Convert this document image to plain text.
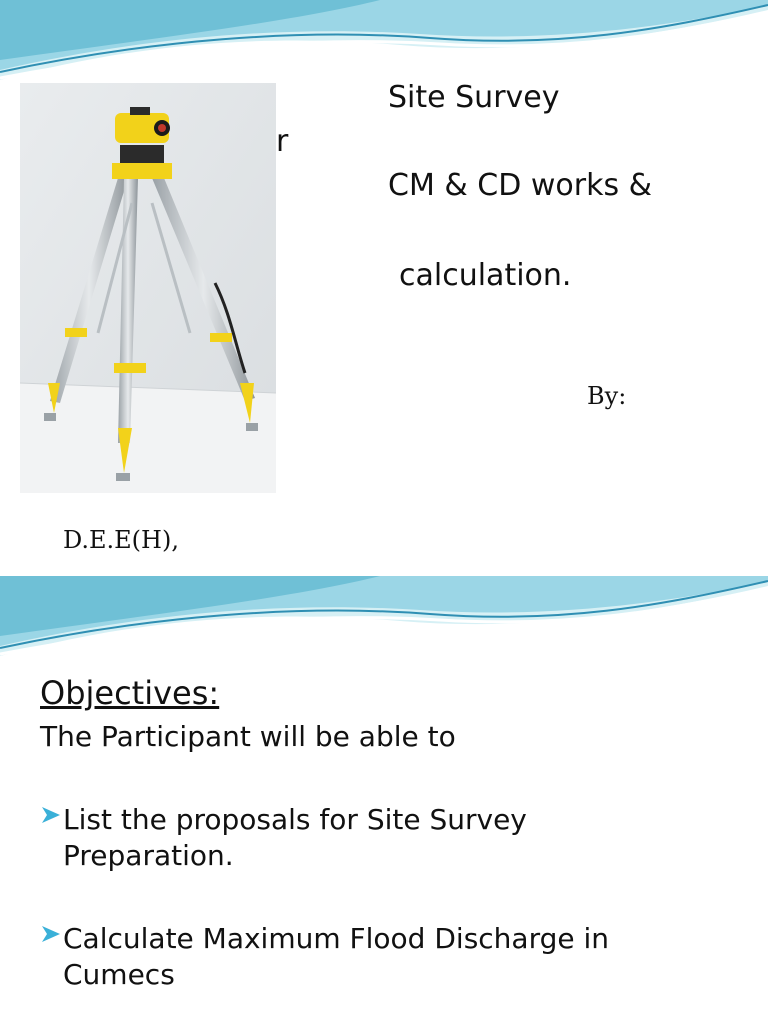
Site Survey
r
CM & CD works &
calculation.
By:
D.E.E(H),
Objectives:
The Participant will be able to
List the proposals for Site Survey
Preparation.
Calculate Maximum Flood Discharge in
Cumecs
